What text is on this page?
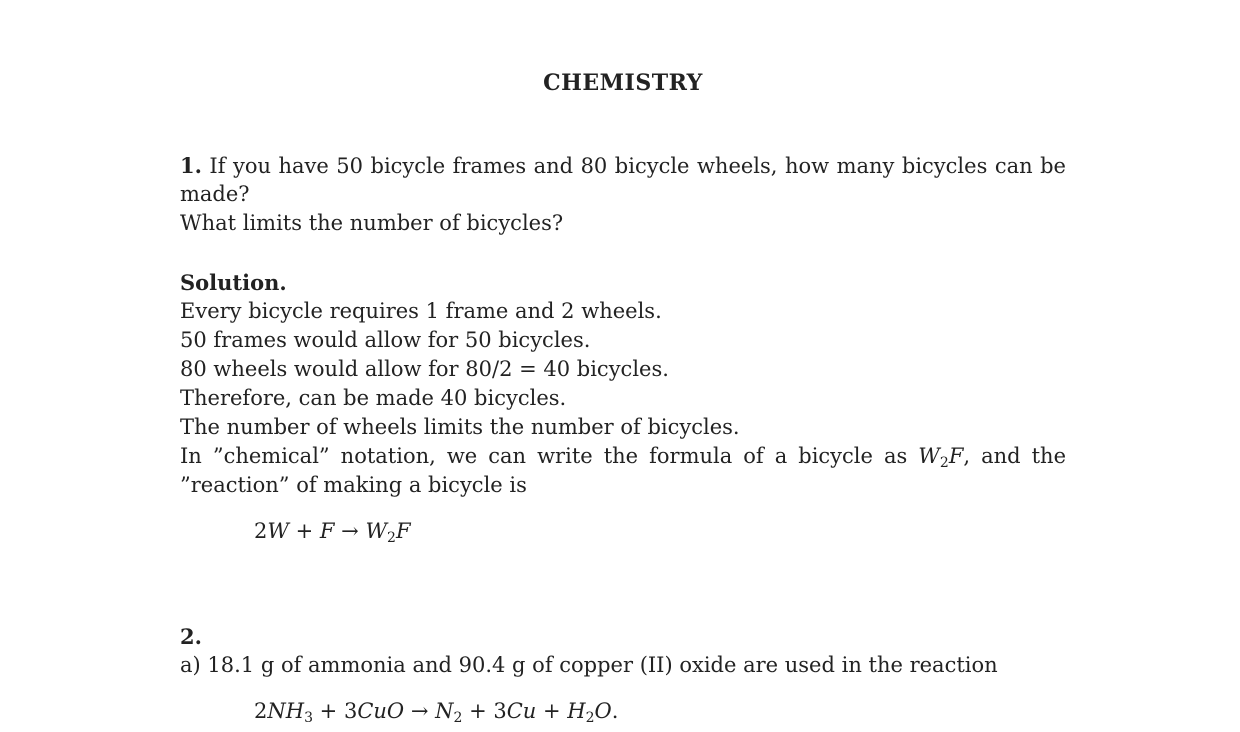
CHEMISTRY
1. If you have 50 bicycle frames and 80 bicycle wheels, how many bicycles can be
made?
What limits the number of bicycles?
Solution.
Every bicycle requires 1 frame and 2 wheels.
50 frames would allow for 50 bicycles.
80 wheels would allow for 80/2 = 40 bicycles.
Therefore, can be made 40 bicycles.
The number of wheels limits the number of bicycles.
In ”chemical” notation, we can write the formula of a bicycle as $W_2F$, and the
”reaction” of making a bicycle is
$2W + F \to W_2F$
2.
a) 18.1 g of ammonia and 90.4 g of copper (II) oxide are used in the reaction
$2NH_3 + 3CuO \to N_2 + 3Cu + H_2O$.
